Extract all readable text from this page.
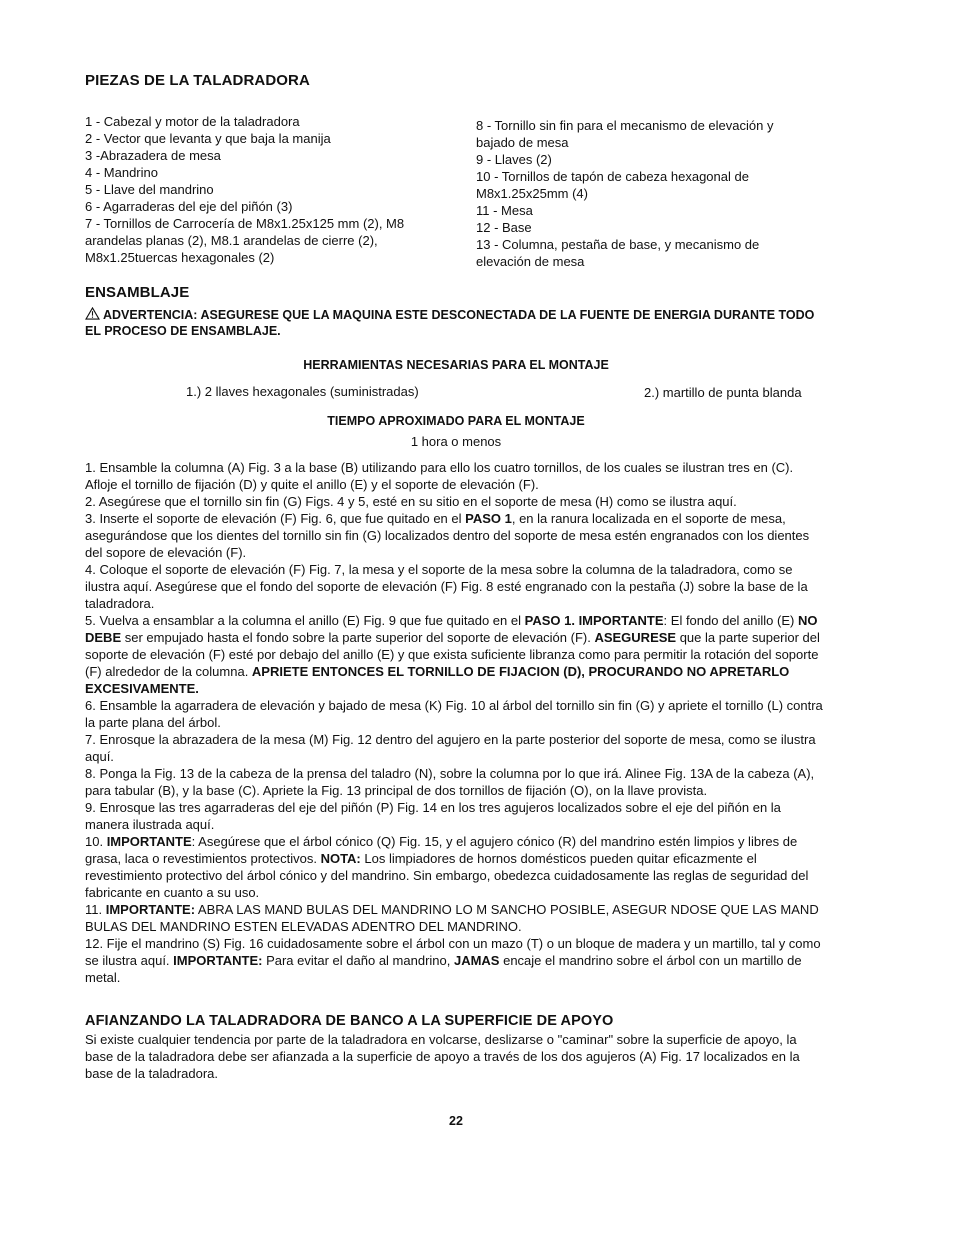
PIEZAS DE LA TALADRADORA
1 - Cabezal y motor de la taladradora
2 - Vector que levanta y que baja la manija
3 -Abrazadera de mesa
4 - Mandrino
5 - Llave del mandrino
6 - Agarraderas del eje del piñón (3)
7 - Tornillos de Carrocería de M8x1.25x125 mm (2), M8 arandelas planas (2), M8.1 arandelas de cierre (2), M8x1.25tuercas hexagonales (2)
8 - Tornillo sin fin para el mecanismo de elevación y bajado de mesa
9 - Llaves (2)
10 - Tornillos de tapón de cabeza hexagonal de M8x1.25x25mm (4)
11 - Mesa
12 - Base
13 - Columna, pestaña de base, y mecanismo de elevación de mesa
ENSAMBLAJE
ADVERTENCIA: ASEGURESE QUE LA MAQUINA ESTE DESCONECTADA DE LA FUENTE DE ENERGIA DURANTE TODO EL PROCESO DE ENSAMBLAJE.
HERRAMIENTAS NECESARIAS PARA EL MONTAJE
1.) 2 llaves hexagonales (suministradas)	2.) martillo de punta blanda
TIEMPO APROXIMADO PARA EL MONTAJE
1 hora o menos

1. Ensamble la columna (A) Fig. 3 a la base (B) utilizando para ello los cuatro tornillos, de los cuales se ilustran tres en (C). Afloje el tornillo de fijación (D) y quite el anillo (E) y el soporte de elevación (F).

2. Asegúrese que el tornillo sin fin (G) Figs. 4 y 5, esté en su sitio en el soporte de mesa (H) como se ilustra aquí.

3. Inserte el soporte de elevación (F) Fig. 6, que fue quitado en el PASO 1, en la ranura localizada en el soporte de mesa, asegurándose que los dientes del tornillo sin fin (G) localizados dentro del soporte de mesa estén engranados con los dientes del sopore de elevación (F).

4. Coloque el soporte de elevación (F) Fig. 7, la mesa y el soporte de la mesa sobre la columna de la taladradora, como se ilustra aquí. Asegúrese que el fondo del soporte de elevación (F) Fig. 8 esté engranado con la pestaña (J) sobre la base de la taladradora.

5. Vuelva a ensamblar a la columna el anillo (E) Fig. 9 que fue quitado en el PASO 1. IMPORTANTE: El fondo del anillo (E) NO DEBE ser empujado hasta el fondo sobre la parte superior del soporte de elevación (F). ASEGURESE que la parte superior del soporte de elevación (F) esté por debajo del anillo (E) y que exista suficiente libranza como para permitir la rotación del soporte (F) alrededor de la columna. APRIETE ENTONCES EL TORNILLO DE FIJACION (D), PROCURANDO NO APRETARLO EXCESIVAMENTE.

6. Ensamble la agarradera de elevación y bajado de mesa (K) Fig. 10 al árbol del tornillo sin fin (G) y apriete el tornillo (L) contra la parte plana del árbol.

7. Enrosque la abrazadera de la mesa (M) Fig. 12 dentro del agujero en la parte posterior del soporte de mesa, como se ilustra aquí.

8. Ponga la Fig. 13 de la cabeza de la prensa del taladro (N), sobre la columna por lo que irá. Alinee Fig. 13A de la cabeza (A), para tabular (B), y la base (C). Apriete la Fig. 13 principal de dos tornillos de fijación (O), on la llave provista.

9. Enrosque las tres agarraderas del eje del piñón (P) Fig. 14 en los tres agujeros localizados sobre el eje del piñón en la manera ilustrada aquí.

10. IMPORTANTE: Asegúrese que el árbol cónico (Q) Fig. 15, y el agujero cónico (R) del mandrino estén limpios y libres de grasa, laca o revestimientos protectivos. NOTA: Los limpiadores de hornos domésticos pueden quitar eficazmente el revestimiento protectivo del árbol cónico y del mandrino. Sin embargo, obedezca cuidadosamente las reglas de seguridad del fabricante en cuanto a su uso.

11. IMPORTANTE: ABRA LAS MAND BULAS DEL MANDRINO LO M SANCHO POSIBLE, ASEGUR NDOSE QUE LAS MAND BULAS DEL MANDRINO ESTEN ELEVADAS ADENTRO DEL MANDRINO.

12. Fije el mandrino (S) Fig. 16 cuidadosamente sobre el árbol con un mazo (T) o un bloque de madera y un martillo, tal y como se ilustra aquí. IMPORTANTE: Para evitar el daño al mandrino, JAMAS encaje el mandrino sobre el árbol con un martillo de metal.

AFIANZANDO LA TALADRADORA DE BANCO A LA SUPERFICIE DE APOYO
Si existe cualquier tendencia por parte de la taladradora en volcarse, deslizarse o "caminar" sobre la superficie de apoyo, la base de la taladradora debe ser afianzada a la superficie de apoyo a través de los dos agujeros (A) Fig. 17 localizados en la base de la taladradora.
22
